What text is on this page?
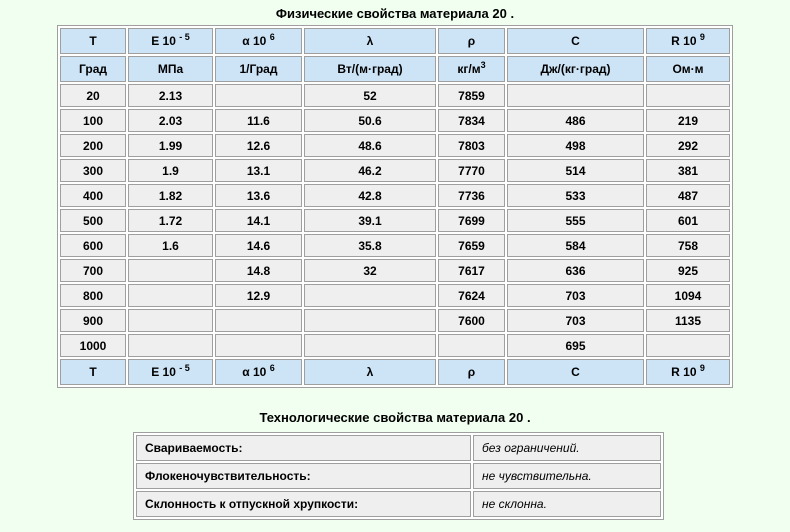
Физические свойства материала 20 .
T	E 10 $^{- 5}$	α 10 $^6$	λ	ρ	C	R 10 $^9$
Град	МПа	1/Град	Вт/(м·град)	$кг/м^3$	Дж/(кг·град)	Ом·м
20	2.13		52	7859		
100	2.03	11.6	50.6	7834	486	219
200	1.99	12.6	48.6	7803	498	292
300	1.9	13.1	46.2	7770	514	381
400	1.82	13.6	42.8	7736	533	487
500	1.72	14.1	39.1	7699	555	601
600	1.6	14.6	35.8	7659	584	758
700		14.8	32	7617	636	925
800		12.9		7624	703	1094
900				7600	703	1135
1000					695	
T	E 10 $^{- 5}$	α 10 $^6$	λ	ρ	C	R 10 $^9$
Технологические свойства материала 20 .
Свариваемость:	без ограничений.
Флокеночувствительность:	не чувствительна.
Склонность к отпускной хрупкости:	не склонна.
